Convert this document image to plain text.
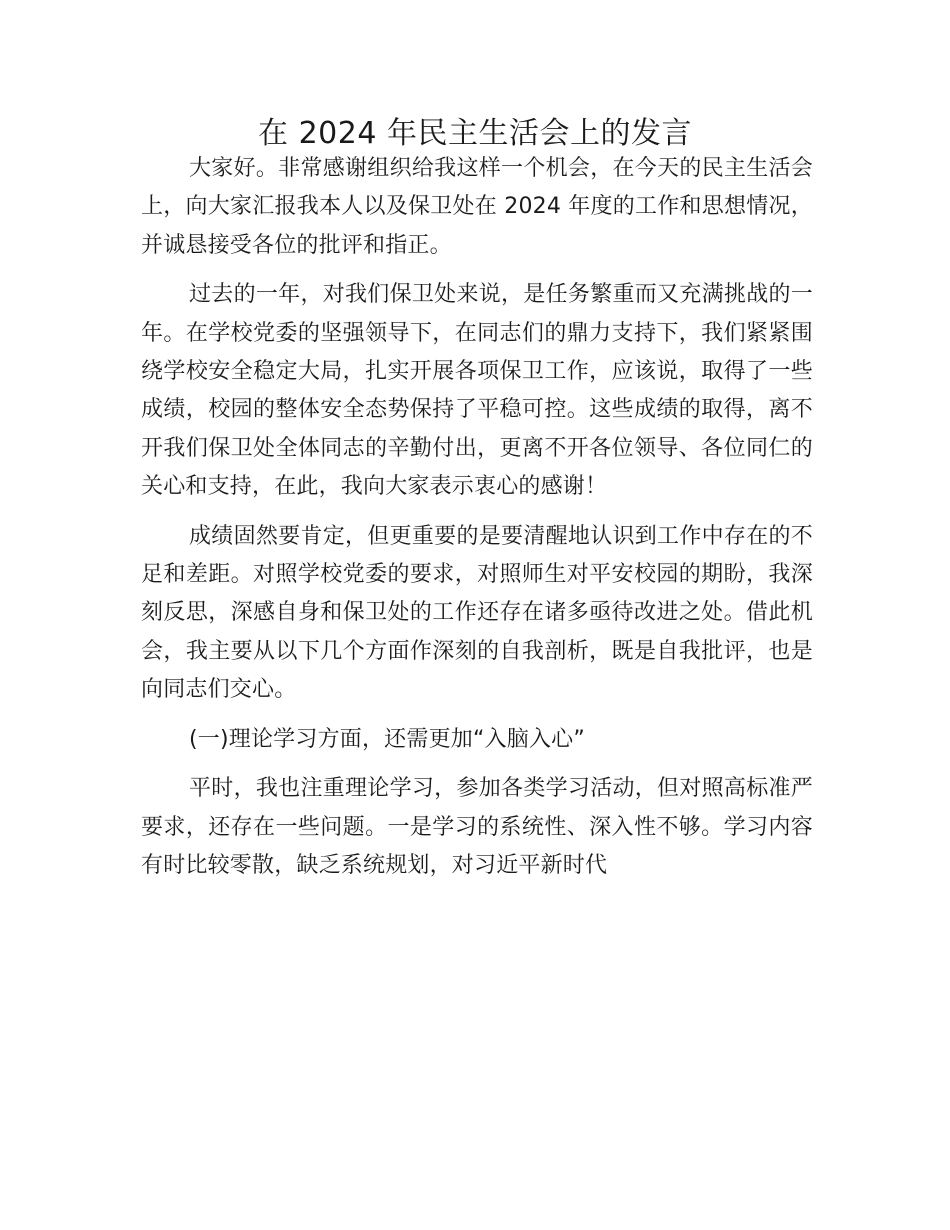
在 2024 年民主生活会上的发言

大家好。非常感谢组织给我这样一个机会，在今天的民主生活会上，向大家汇报我本人以及保卫处在 2024 年度的工作和思想情况，并诚恳接受各位的批评和指正。

过去的一年，对我们保卫处来说，是任务繁重而又充满挑战的一年。在学校党委的坚强领导下，在同志们的鼎力支持下，我们紧紧围绕学校安全稳定大局，扎实开展各项保卫工作，应该说，取得了一些成绩，校园的整体安全态势保持了平稳可控。这些成绩的取得，离不开我们保卫处全体同志的辛勤付出，更离不开各位领导、各位同仁的关心和支持，在此，我向大家表示衷心的感谢！

成绩固然要肯定，但更重要的是要清醒地认识到工作中存在的不足和差距。对照学校党委的要求，对照师生对平安校园的期盼，我深刻反思，深感自身和保卫处的工作还存在诸多亟待改进之处。借此机会，我主要从以下几个方面作深刻的自我剖析，既是自我批评，也是向同志们交心。

(一)理论学习方面，还需更加“入脑入心”

平时，我也注重理论学习，参加各类学习活动，但对照高标准严要求，还存在一些问题。一是学习的系统性、深入性不够。学习内容有时比较零散，缺乏系统规划，对习近平新时代
